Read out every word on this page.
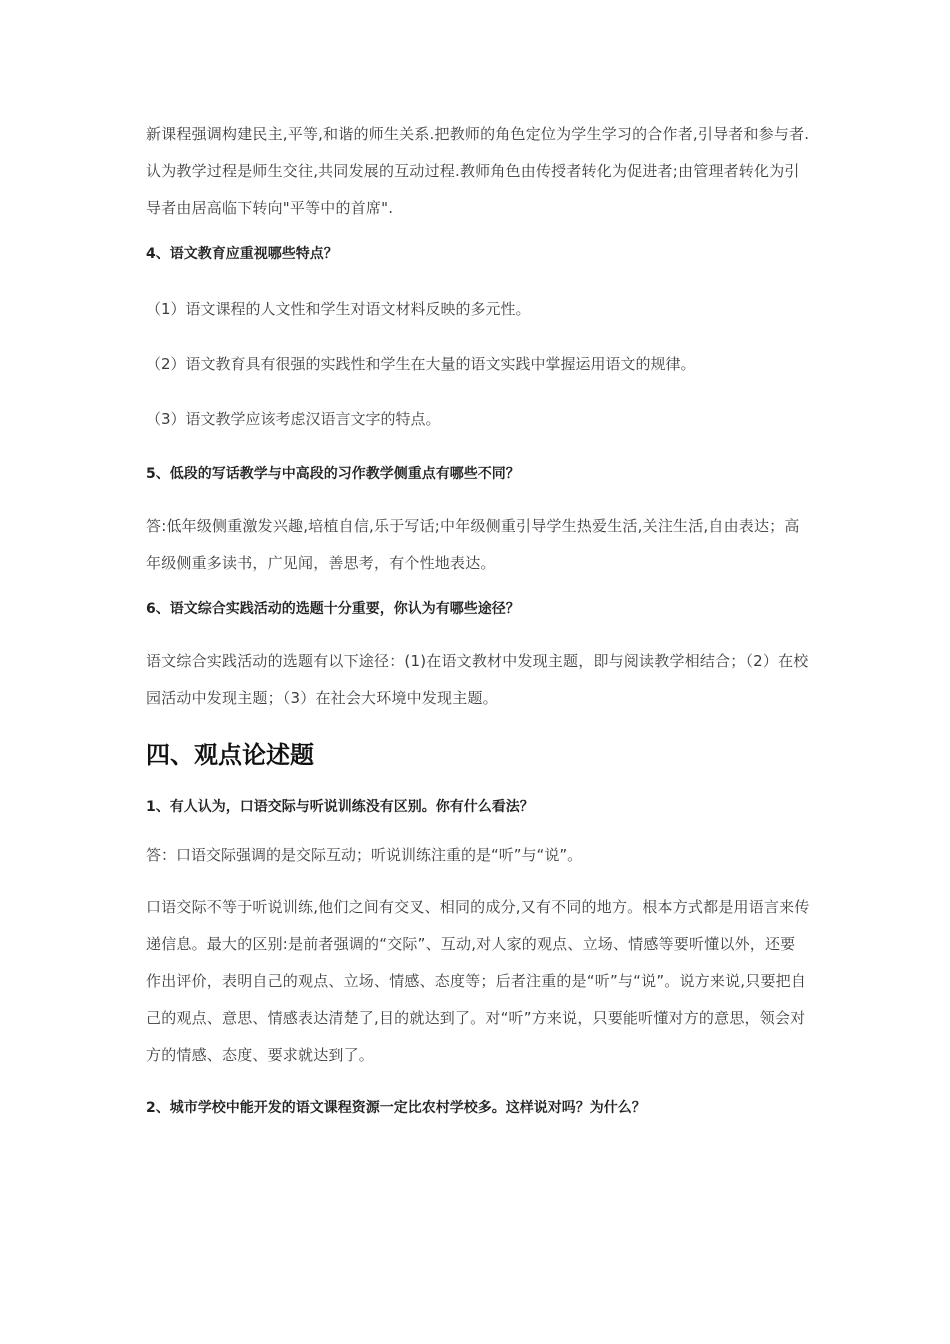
新课程强调构建民主,平等,和谐的师生关系.把教师的角色定位为学生学习的合作者,引导者和参与者.认为教学过程是师生交往,共同发展的互动过程.教师角色由传授者转化为促进者;由管理者转化为引导者由居高临下转向"平等中的首席".

4、语文教育应重视哪些特点？

（1）语文课程的人文性和学生对语文材料反映的多元性。

（2）语文教育具有很强的实践性和学生在大量的语文实践中掌握运用语文的规律。

（3）语文教学应该考虑汉语言文字的特点。

5、低段的写话教学与中高段的习作教学侧重点有哪些不同？

答:低年级侧重激发兴趣,培植自信,乐于写话;中年级侧重引导学生热爱生活,关注生活,自由表达；高年级侧重多读书，广见闻，善思考，有个性地表达。

6、语文综合实践活动的选题十分重要，你认为有哪些途径？

语文综合实践活动的选题有以下途径：(1)在语文教材中发现主题，即与阅读教学相结合；（2）在校园活动中发现主题；（3）在社会大环境中发现主题。

四、观点论述题

1、有人认为，口语交际与听说训练没有区别。你有什么看法？

答：口语交际强调的是交际互动；听说训练注重的是“听”与“说”。

口语交际不等于听说训练,他们之间有交叉、相同的成分,又有不同的地方。根本方式都是用语言来传递信息。最大的区别:是前者强调的“交际”、互动,对人家的观点、立场、情感等要听懂以外，还要作出评价，表明自己的观点、立场、情感、态度等；后者注重的是“听”与“说”。说方来说,只要把自己的观点、意思、情感表达清楚了,目的就达到了。对“听”方来说，只要能听懂对方的意思，领会对方的情感、态度、要求就达到了。

2、城市学校中能开发的语文课程资源一定比农村学校多。这样说对吗？为什么？
